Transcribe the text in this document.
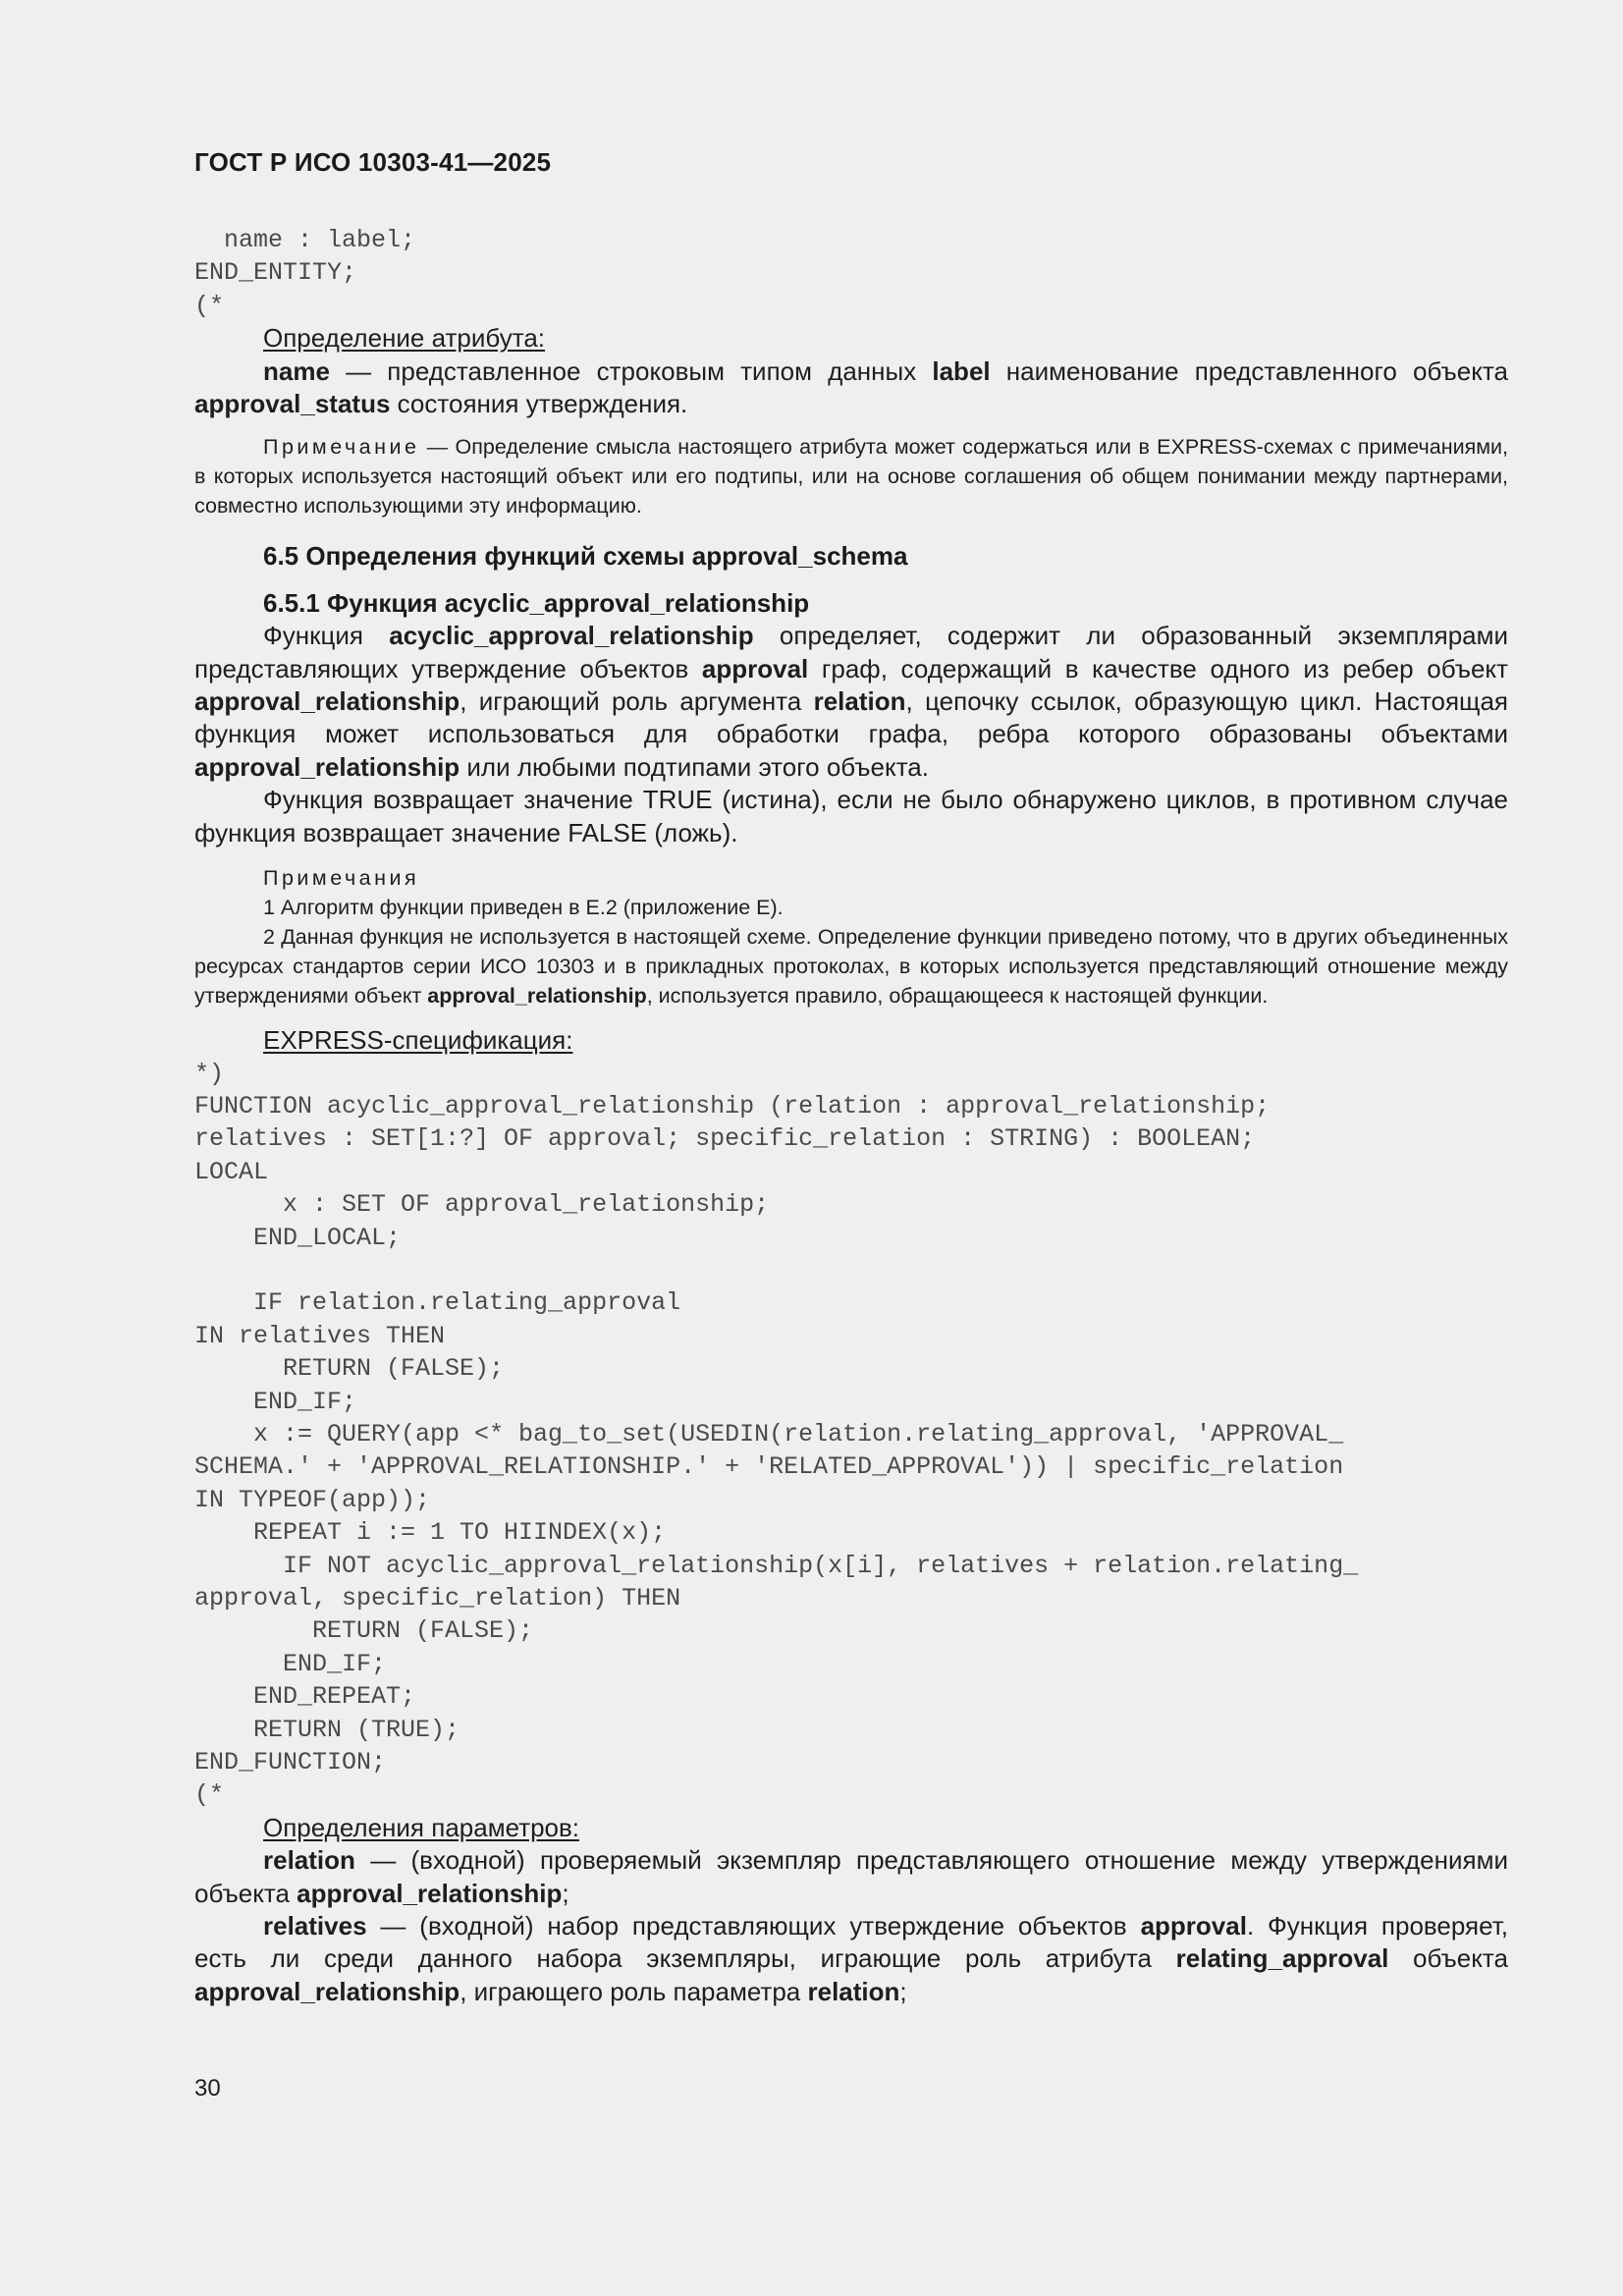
ГОСТ Р ИСО 10303-41—2025
name : label;
END_ENTITY;
(*
Определение атрибута:
name — представленное строковым типом данных label наименование представленного объекта approval_status состояния утверждения.
Примечание — Определение смысла настоящего атрибута может содержаться или в EXPRESS-схемах с примечаниями, в которых используется настоящий объект или его подтипы, или на основе соглашения об общем понимании между партнерами, совместно использующими эту информацию.
6.5 Определения функций схемы approval_schema
6.5.1 Функция acyclic_approval_relationship
Функция acyclic_approval_relationship определяет, содержит ли образованный экземплярами представляющих утверждение объектов approval граф, содержащий в качестве одного из ребер объект approval_relationship, играющий роль аргумента relation, цепочку ссылок, образующую цикл. Настоящая функция может использоваться для обработки графа, ребра которого образованы объектами approval_relationship или любыми подтипами этого объекта.
Функция возвращает значение TRUE (истина), если не было обнаружено циклов, в противном случае функция возвращает значение FALSE (ложь).
Примечания
1 Алгоритм функции приведен в Е.2 (приложение Е).
2 Данная функция не используется в настоящей схеме. Определение функции приведено потому, что в других объединенных ресурсах стандартов серии ИСО 10303 и в прикладных протоколах, в которых используется представляющий отношение между утверждениями объект approval_relationship, используется правило, обращающееся к настоящей функции.
EXPRESS-спецификация:
*)
FUNCTION acyclic_approval_relationship (relation : approval_relationship;
relatives : SET[1:?] OF approval; specific_relation : STRING) : BOOLEAN;
LOCAL
x : SET OF approval_relationship;
END_LOCAL;

IF relation.relating_approval
IN relatives THEN
RETURN (FALSE);
END_IF;
x := QUERY(app <* bag_to_set(USEDIN(relation.relating_approval, 'APPROVAL_
SCHEMA.' + 'APPROVAL_RELATIONSHIP.' + 'RELATED_APPROVAL')) | specific_relation
IN TYPEOF(app));
REPEAT i := 1 TO HIINDEX(x);
IF NOT acyclic_approval_relationship(x[i], relatives + relation.relating_
approval, specific_relation) THEN
RETURN (FALSE);
END_IF;
END_REPEAT;
RETURN (TRUE);
END_FUNCTION;
(*
Определения параметров:
relation — (входной) проверяемый экземпляр представляющего отношение между утверждениями объекта approval_relationship;
relatives — (входной) набор представляющих утверждение объектов approval. Функция проверяет, есть ли среди данного набора экземпляры, играющие роль атрибута relating_approval объекта approval_relationship, играющего роль параметра relation;
30
